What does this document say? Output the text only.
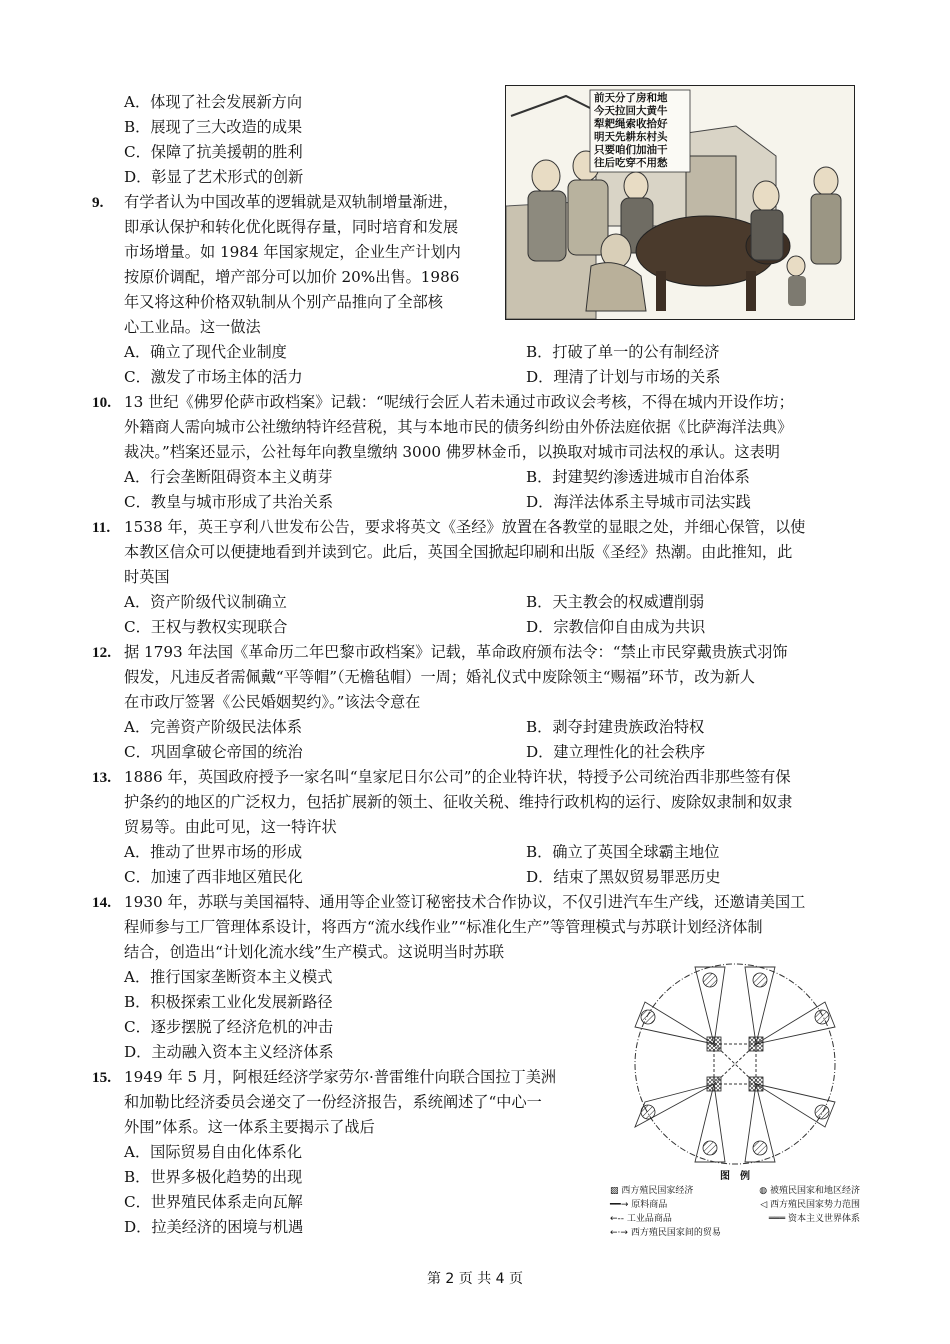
A．体现了社会发展新方向
B．展现了三大改造的成果
C．保障了抗美援朝的胜利
D．彰显了艺术形式的创新
前天分了房和地
今天拉回大黄牛
犁耙绳索收拾好
明天先耕东村头
只要咱们加油干
往后吃穿不用愁
9. 有学者认为中国改革的逻辑就是双轨制增量渐进，
即承认保护和转化优化既得存量，同时培育和发展
市场增量。如 1984 年国家规定，企业生产计划内
按原价调配，增产部分可以加价 20%出售。1986
年又将这种价格双轨制从个别产品推向了全部核
心工业品。这一做法
A．确立了现代企业制度	B．打破了单一的公有制经济
C．激发了市场主体的活力	D．理清了计划与市场的关系
10. 13 世纪《佛罗伦萨市政档案》记载：“呢绒行会匠人若未通过市政议会考核，不得在城内开设作坊；
外籍商人需向城市公社缴纳特许经营税，其与本地市民的债务纠纷由外侨法庭依据《比萨海洋法典》
裁决。”档案还显示，公社每年向教皇缴纳 3000 佛罗林金币，以换取对城市司法权的承认。这表明
A．行会垄断阻碍资本主义萌芽	B．封建契约渗透进城市自治体系
C．教皇与城市形成了共治关系	D．海洋法体系主导城市司法实践
11. 1538 年，英王亨利八世发布公告，要求将英文《圣经》放置在各教堂的显眼之处，并细心保管，以使
本教区信众可以便捷地看到并读到它。此后，英国全国掀起印刷和出版《圣经》热潮。由此推知，此
时英国
A．资产阶级代议制确立	B．天主教会的权威遭削弱
C．王权与教权实现联合	D．宗教信仰自由成为共识
12. 据 1793 年法国《革命历二年巴黎市政档案》记载，革命政府颁布法令：“禁止市民穿戴贵族式羽饰
假发，凡违反者需佩戴“平等帽”（无檐毡帽）一周；婚礼仪式中废除领主“赐福”环节，改为新人
在市政厅签署《公民婚姻契约》。”该法令意在
A．完善资产阶级民法体系	B．剥夺封建贵族政治特权
C．巩固拿破仑帝国的统治	D．建立理性化的社会秩序
13. 1886 年，英国政府授予一家名叫“皇家尼日尔公司”的企业特许状，特授予公司统治西非那些签有保
护条约的地区的广泛权力，包括扩展新的领土、征收关税、维持行政机构的运行、废除奴隶制和奴隶
贸易等。由此可见，这一特许状
A．推动了世界市场的形成	B．确立了英国全球霸主地位
C．加速了西非地区殖民化	D．结束了黑奴贸易罪恶历史
14. 1930 年，苏联与美国福特、通用等企业签订秘密技术合作协议，不仅引进汽车生产线，还邀请美国工
程师参与工厂管理体系设计，将西方“流水线作业”“标准化生产”等管理模式与苏联计划经济体制
结合，创造出“计划化流水线”生产模式。这说明当时苏联
A．推行国家垄断资本主义模式
B．积极探索工业化发展新路径
C．逐步摆脱了经济危机的冲击
D．主动融入资本主义经济体系
15. 1949 年 5 月，阿根廷经济学家劳尔·普雷维什向联合国拉丁美洲
和加勒比经济委员会递交了一份经济报告，系统阐述了“中心一
外围”体系。这一体系主要揭示了战后
A．国际贸易自由化体系化
B．世界多极化趋势的出现
C．世界殖民体系走向瓦解
D．拉美经济的困境与机遇
图　例
▨ 西方殖民国家经济	◍ 被殖民国家和地区经济
━━→ 原料商品	◁ 西方殖民国家势力范围
←-- 工业品商品	═══ 资本主义世界体系
←·→ 西方殖民国家间的贸易
第 2 页 共 4 页
